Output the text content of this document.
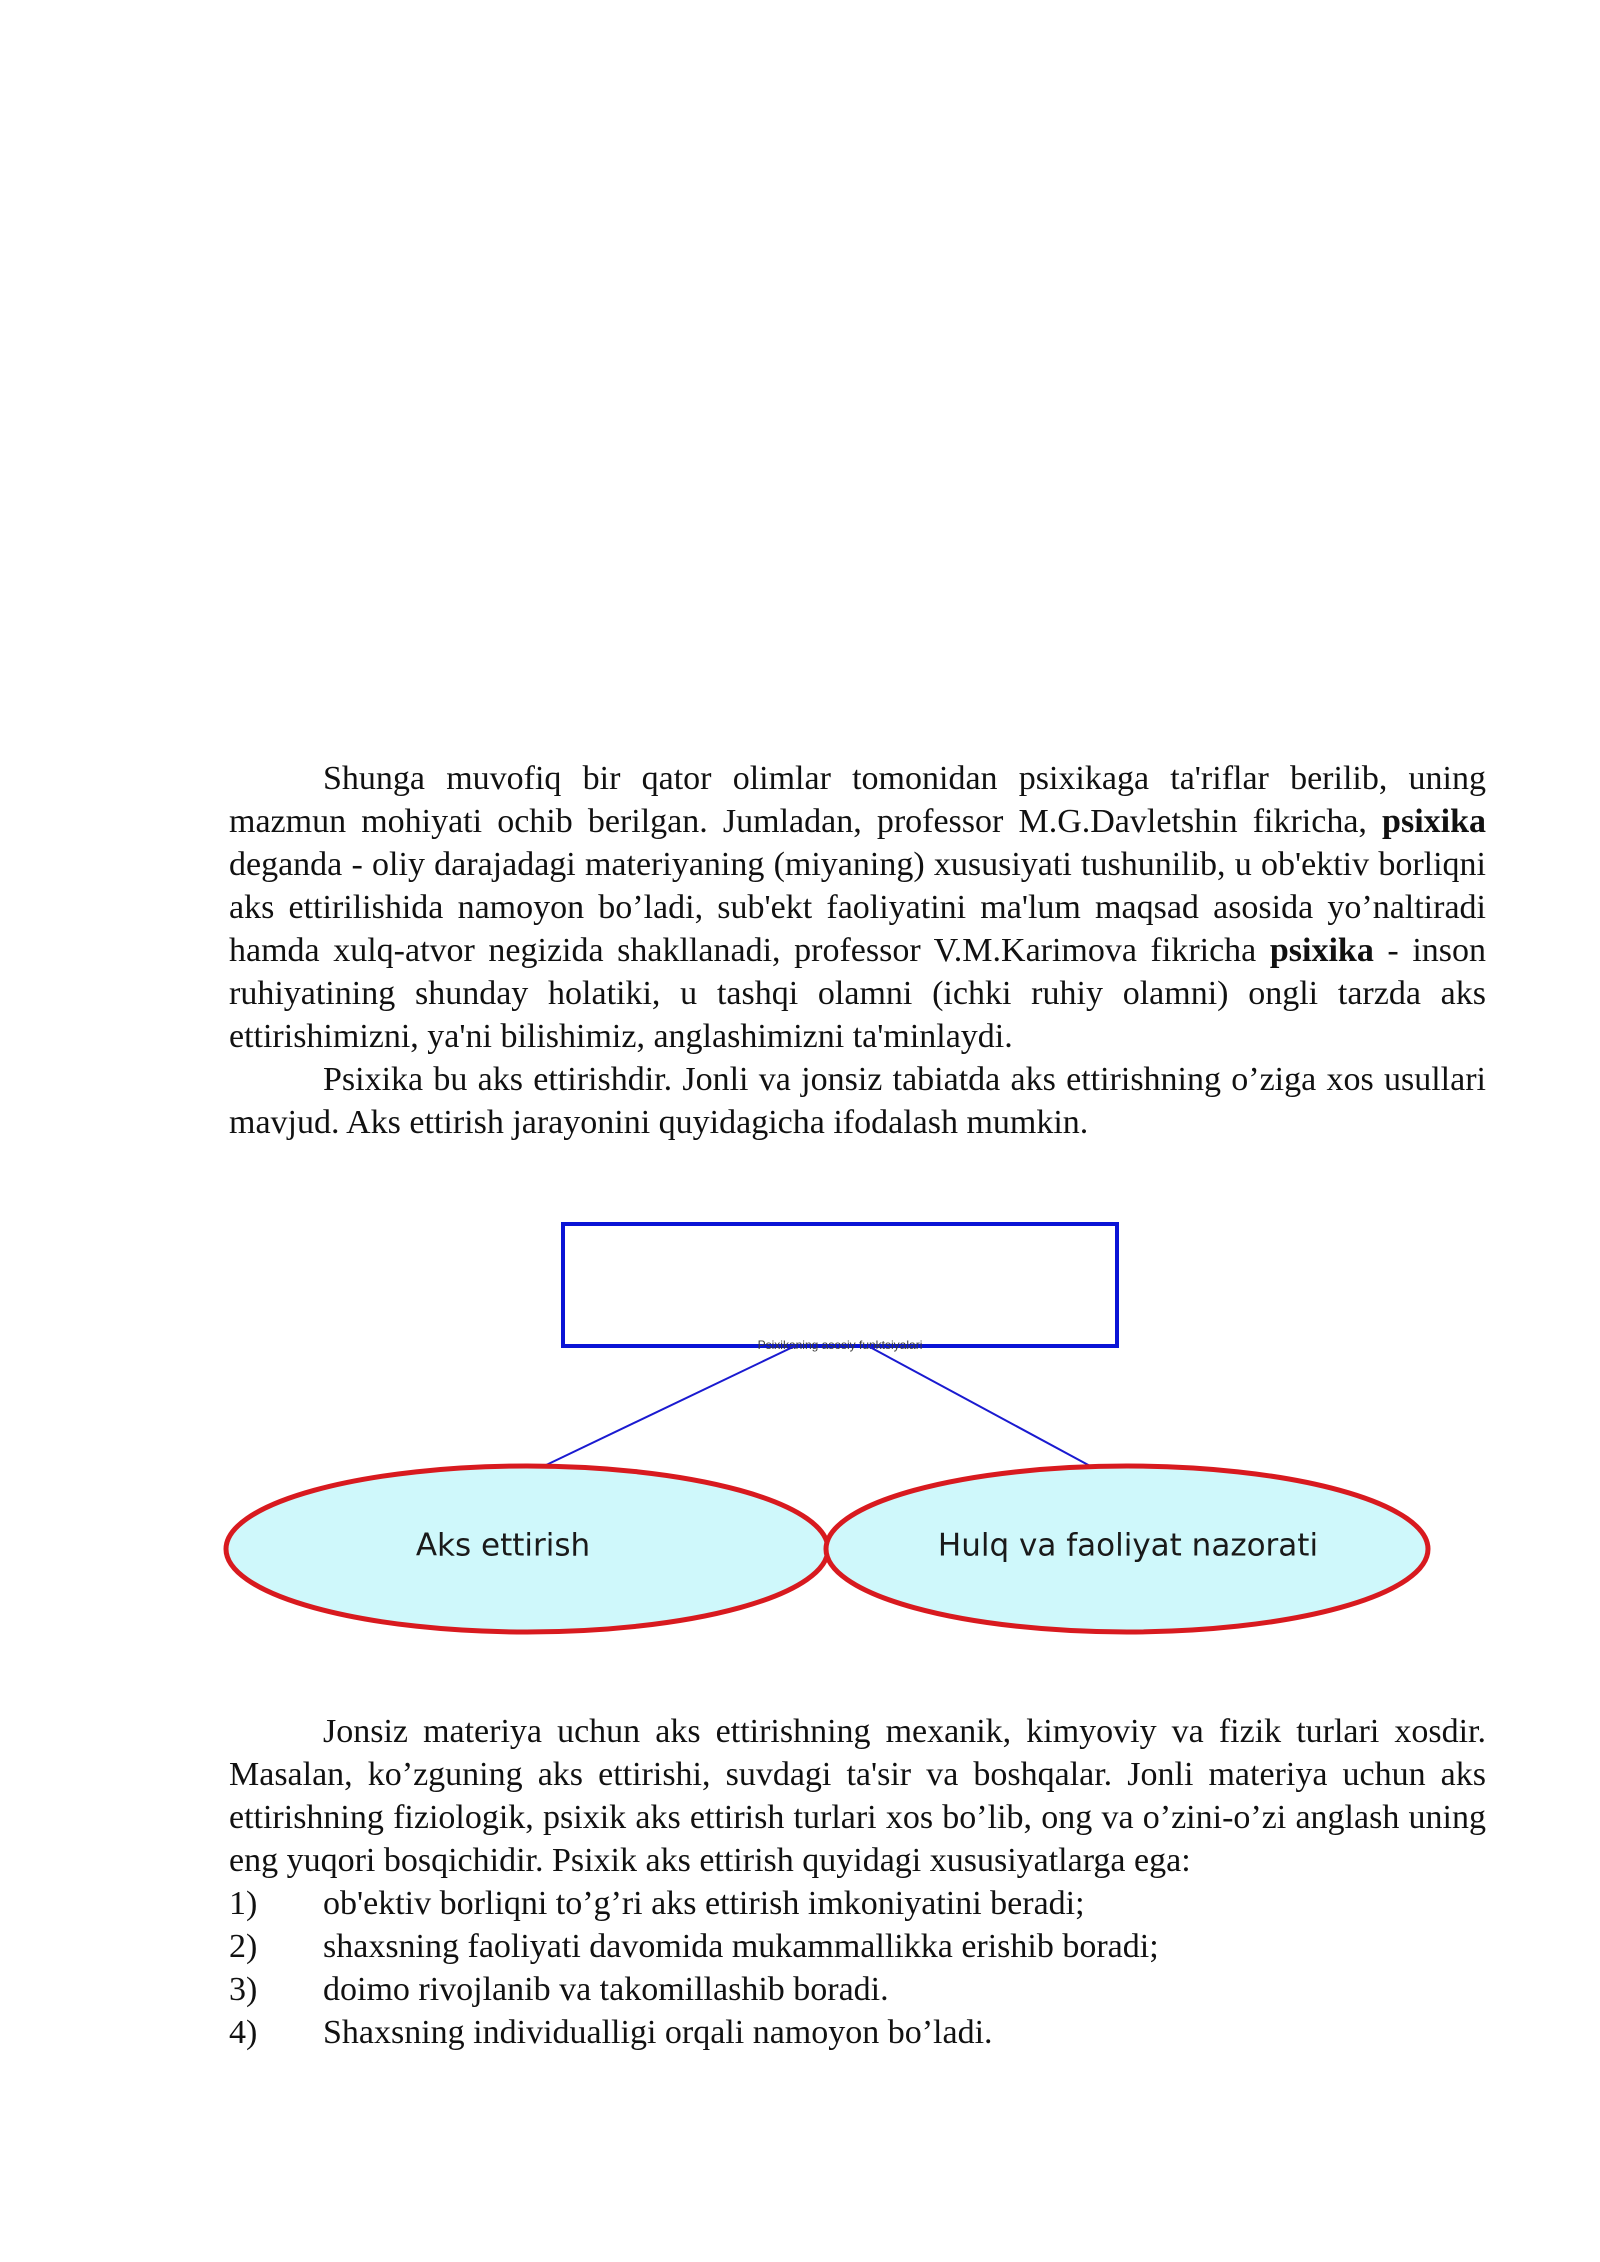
Shunga muvofiq bir qator olimlar tomonidan psixikaga ta'riflar berilib, uning mazmun mohiyati ochib berilgan. Jumladan, professor M.G.Davletshin fikricha, psixika deganda - oliy darajadagi materiyaning (miyaning) xususiyati tushunilib, u ob'ektiv borliqni aks ettirilishida namoyon bo’ladi, sub'ekt faoliyatini ma'lum maqsad asosida yo’naltiradi hamda xulq-atvor negizida shakllanadi, professor V.M.Karimova fikricha psixika - inson ruhiyatining shunday holatiki, u tashqi olamni (ichki ruhiy olamni) ongli tarzda aks ettirishimizni, ya'ni bilishimiz, anglashimizni ta'minlaydi.

Psixika bu aks ettirishdir. Jonli va jonsiz tabiatda aks ettirishning o’ziga xos usullari mavjud. Aks ettirish jarayonini quyidagicha ifodalash mumkin.

Psixikaning asosiy funktsiyalari
Aks ettirish	Hulq va faoliyat nazorati

Jonsiz materiya uchun aks ettirishning mexanik, kimyoviy va fizik turlari xosdir. Masalan, ko’zguning aks ettirishi, suvdagi ta'sir va boshqalar. Jonli materiya uchun aks ettirishning fiziologik, psixik aks ettirish turlari xos bo’lib, ong va o’zini-o’zi anglash uning eng yuqori bosqichidir. Psixik aks ettirish quyidagi xususiyatlarga ega:

1)	ob'ektiv borliqni to’g’ri aks ettirish imkoniyatini beradi;
2)	shaxsning faoliyati davomida mukammallikka erishib boradi;
3)	doimo rivojlanib va takomillashib boradi.
4)	Shaxsning individualligi orqali namoyon bo’ladi.
